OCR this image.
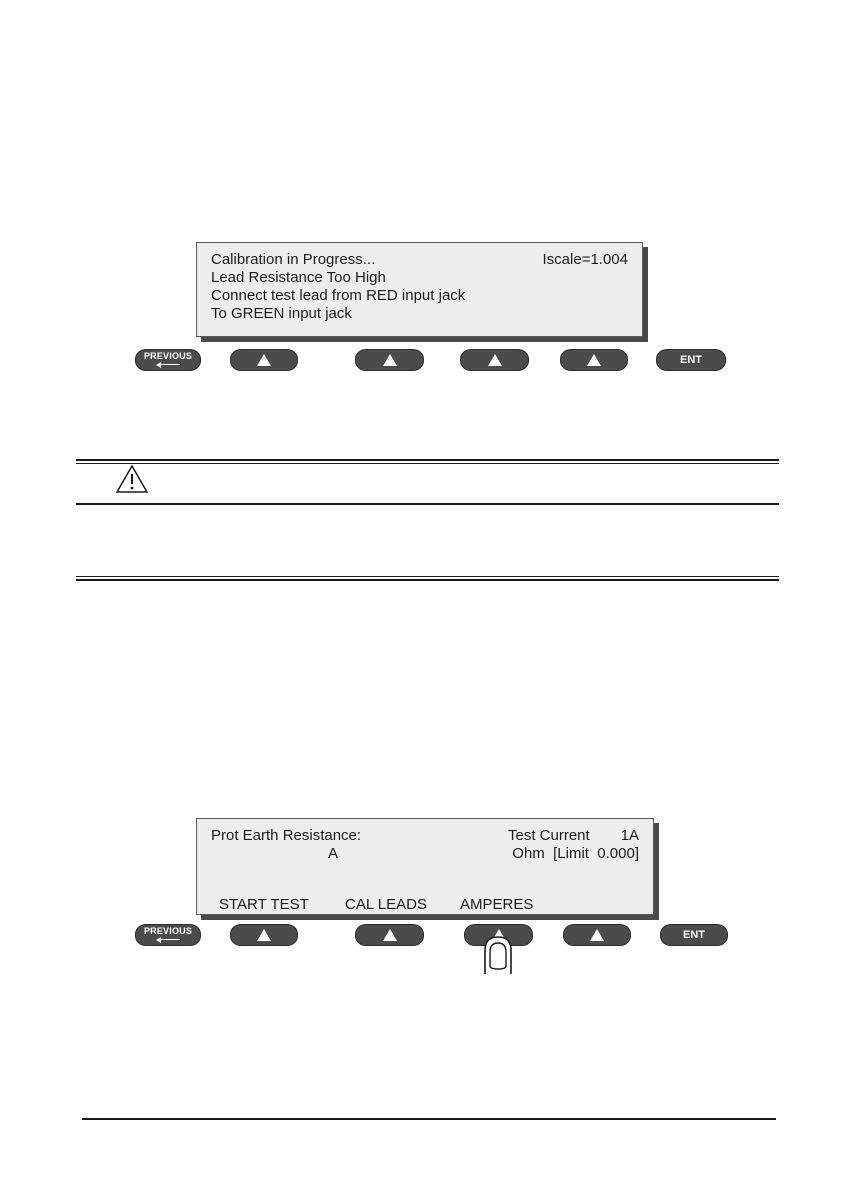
Calibration in Progress...	Iscale=1.004
Lead Resistance Too High
Connect test lead from RED input jack
To GREEN input jack
PREVIOUS	ENT
Prot Earth Resistance:	Test Current 1A
A	Ohm  [Limit  0.000]
START TEST CAL LEADS AMPERES
PREVIOUS	ENT
